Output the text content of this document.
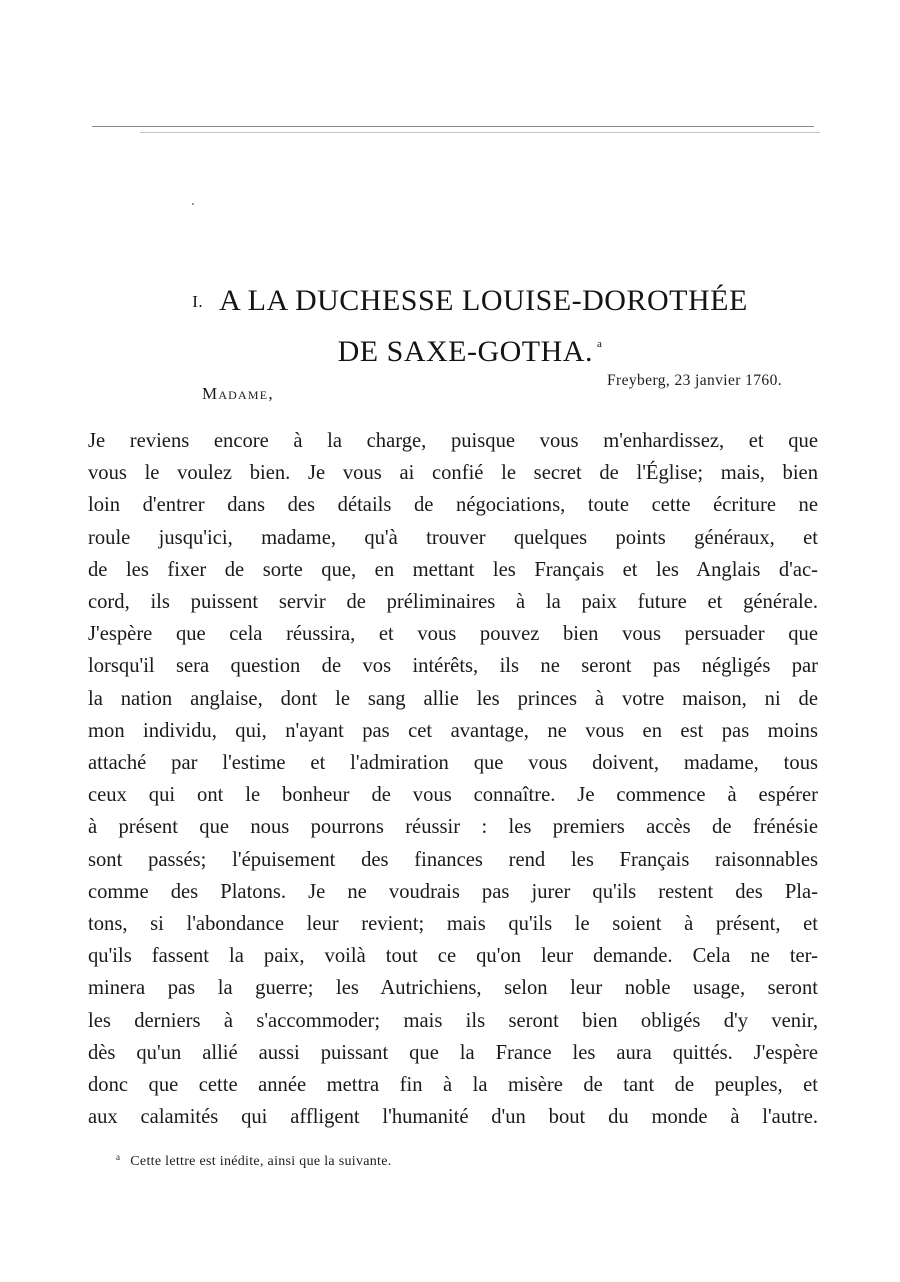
I. A LA DUCHESSE LOUISE-DOROTHÉE
DE SAXE-GOTHA. $^a$
Freyberg, 23 janvier 1760.
Madame,
Je reviens encore à la charge, puisque vous m'enhardissez, et que
vous le voulez bien. Je vous ai confié le secret de l'Église; mais, bien
loin d'entrer dans des détails de négociations, toute cette écriture ne
roule jusqu'ici, madame, qu'à trouver quelques points généraux, et
de les fixer de sorte que, en mettant les Français et les Anglais d'ac-
cord, ils puissent servir de préliminaires à la paix future et générale.
J'espère que cela réussira, et vous pouvez bien vous persuader que
lorsqu'il sera question de vos intérêts, ils ne seront pas négligés par
la nation anglaise, dont le sang allie les princes à votre maison, ni de
mon individu, qui, n'ayant pas cet avantage, ne vous en est pas moins
attaché par l'estime et l'admiration que vous doivent, madame, tous
ceux qui ont le bonheur de vous connaître. Je commence à espérer
à présent que nous pourrons réussir : les premiers accès de frénésie
sont passés; l'épuisement des finances rend les Français raisonnables
comme des Platons. Je ne voudrais pas jurer qu'ils restent des Pla-
tons, si l'abondance leur revient; mais qu'ils le soient à présent, et
qu'ils fassent la paix, voilà tout ce qu'on leur demande. Cela ne ter-
minera pas la guerre; les Autrichiens, selon leur noble usage, seront
les derniers à s'accommoder; mais ils seront bien obligés d'y venir,
dès qu'un allié aussi puissant que la France les aura quittés. J'espère
donc que cette année mettra fin à la misère de tant de peuples, et
aux calamités qui affligent l'humanité d'un bout du monde à l'autre.
$^a$ Cette lettre est inédite, ainsi que la suivante.
